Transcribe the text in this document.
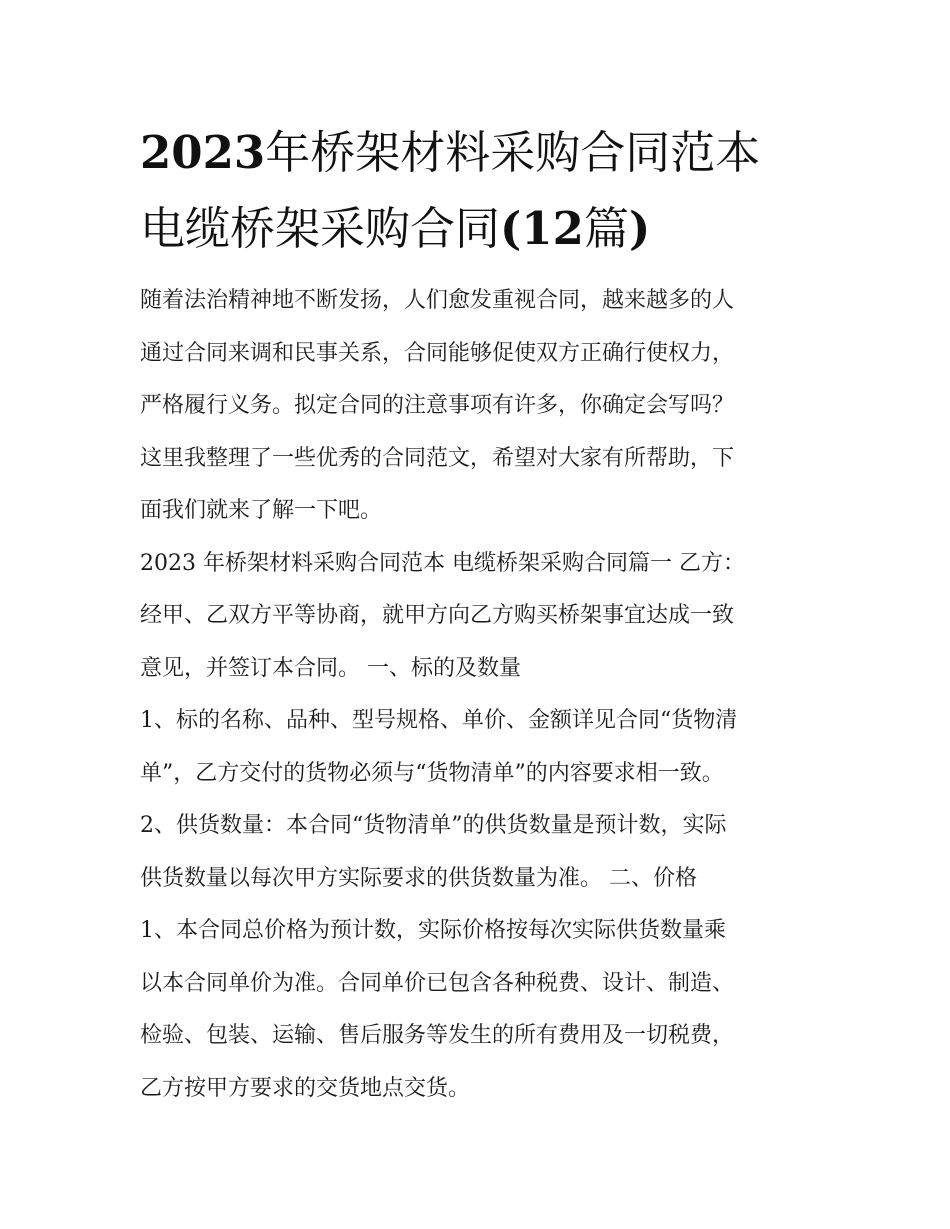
2023年桥架材料采购合同范本
电缆桥架采购合同(12篇)
随着法治精神地不断发扬，人们愈发重视合同，越来越多的人
通过合同来调和民事关系，合同能够促使双方正确行使权力，
严格履行义务。拟定合同的注意事项有许多，你确定会写吗？
这里我整理了一些优秀的合同范文，希望对大家有所帮助，下
面我们就来了解一下吧。
2023 年桥架材料采购合同范本 电缆桥架采购合同篇一 乙方：
经甲、乙双方平等协商，就甲方向乙方购买桥架事宜达成一致
意见，并签订本合同。 一、标的及数量
1、标的名称、品种、型号规格、单价、金额详见合同“货物清
单”，乙方交付的货物必须与“货物清单”的内容要求相一致。
2、供货数量：本合同“货物清单”的供货数量是预计数，实际
供货数量以每次甲方实际要求的供货数量为准。 二、价格
1、本合同总价格为预计数，实际价格按每次实际供货数量乘
以本合同单价为准。合同单价已包含各种税费、设计、制造、
检验、包装、运输、售后服务等发生的所有费用及一切税费，
乙方按甲方要求的交货地点交货。
